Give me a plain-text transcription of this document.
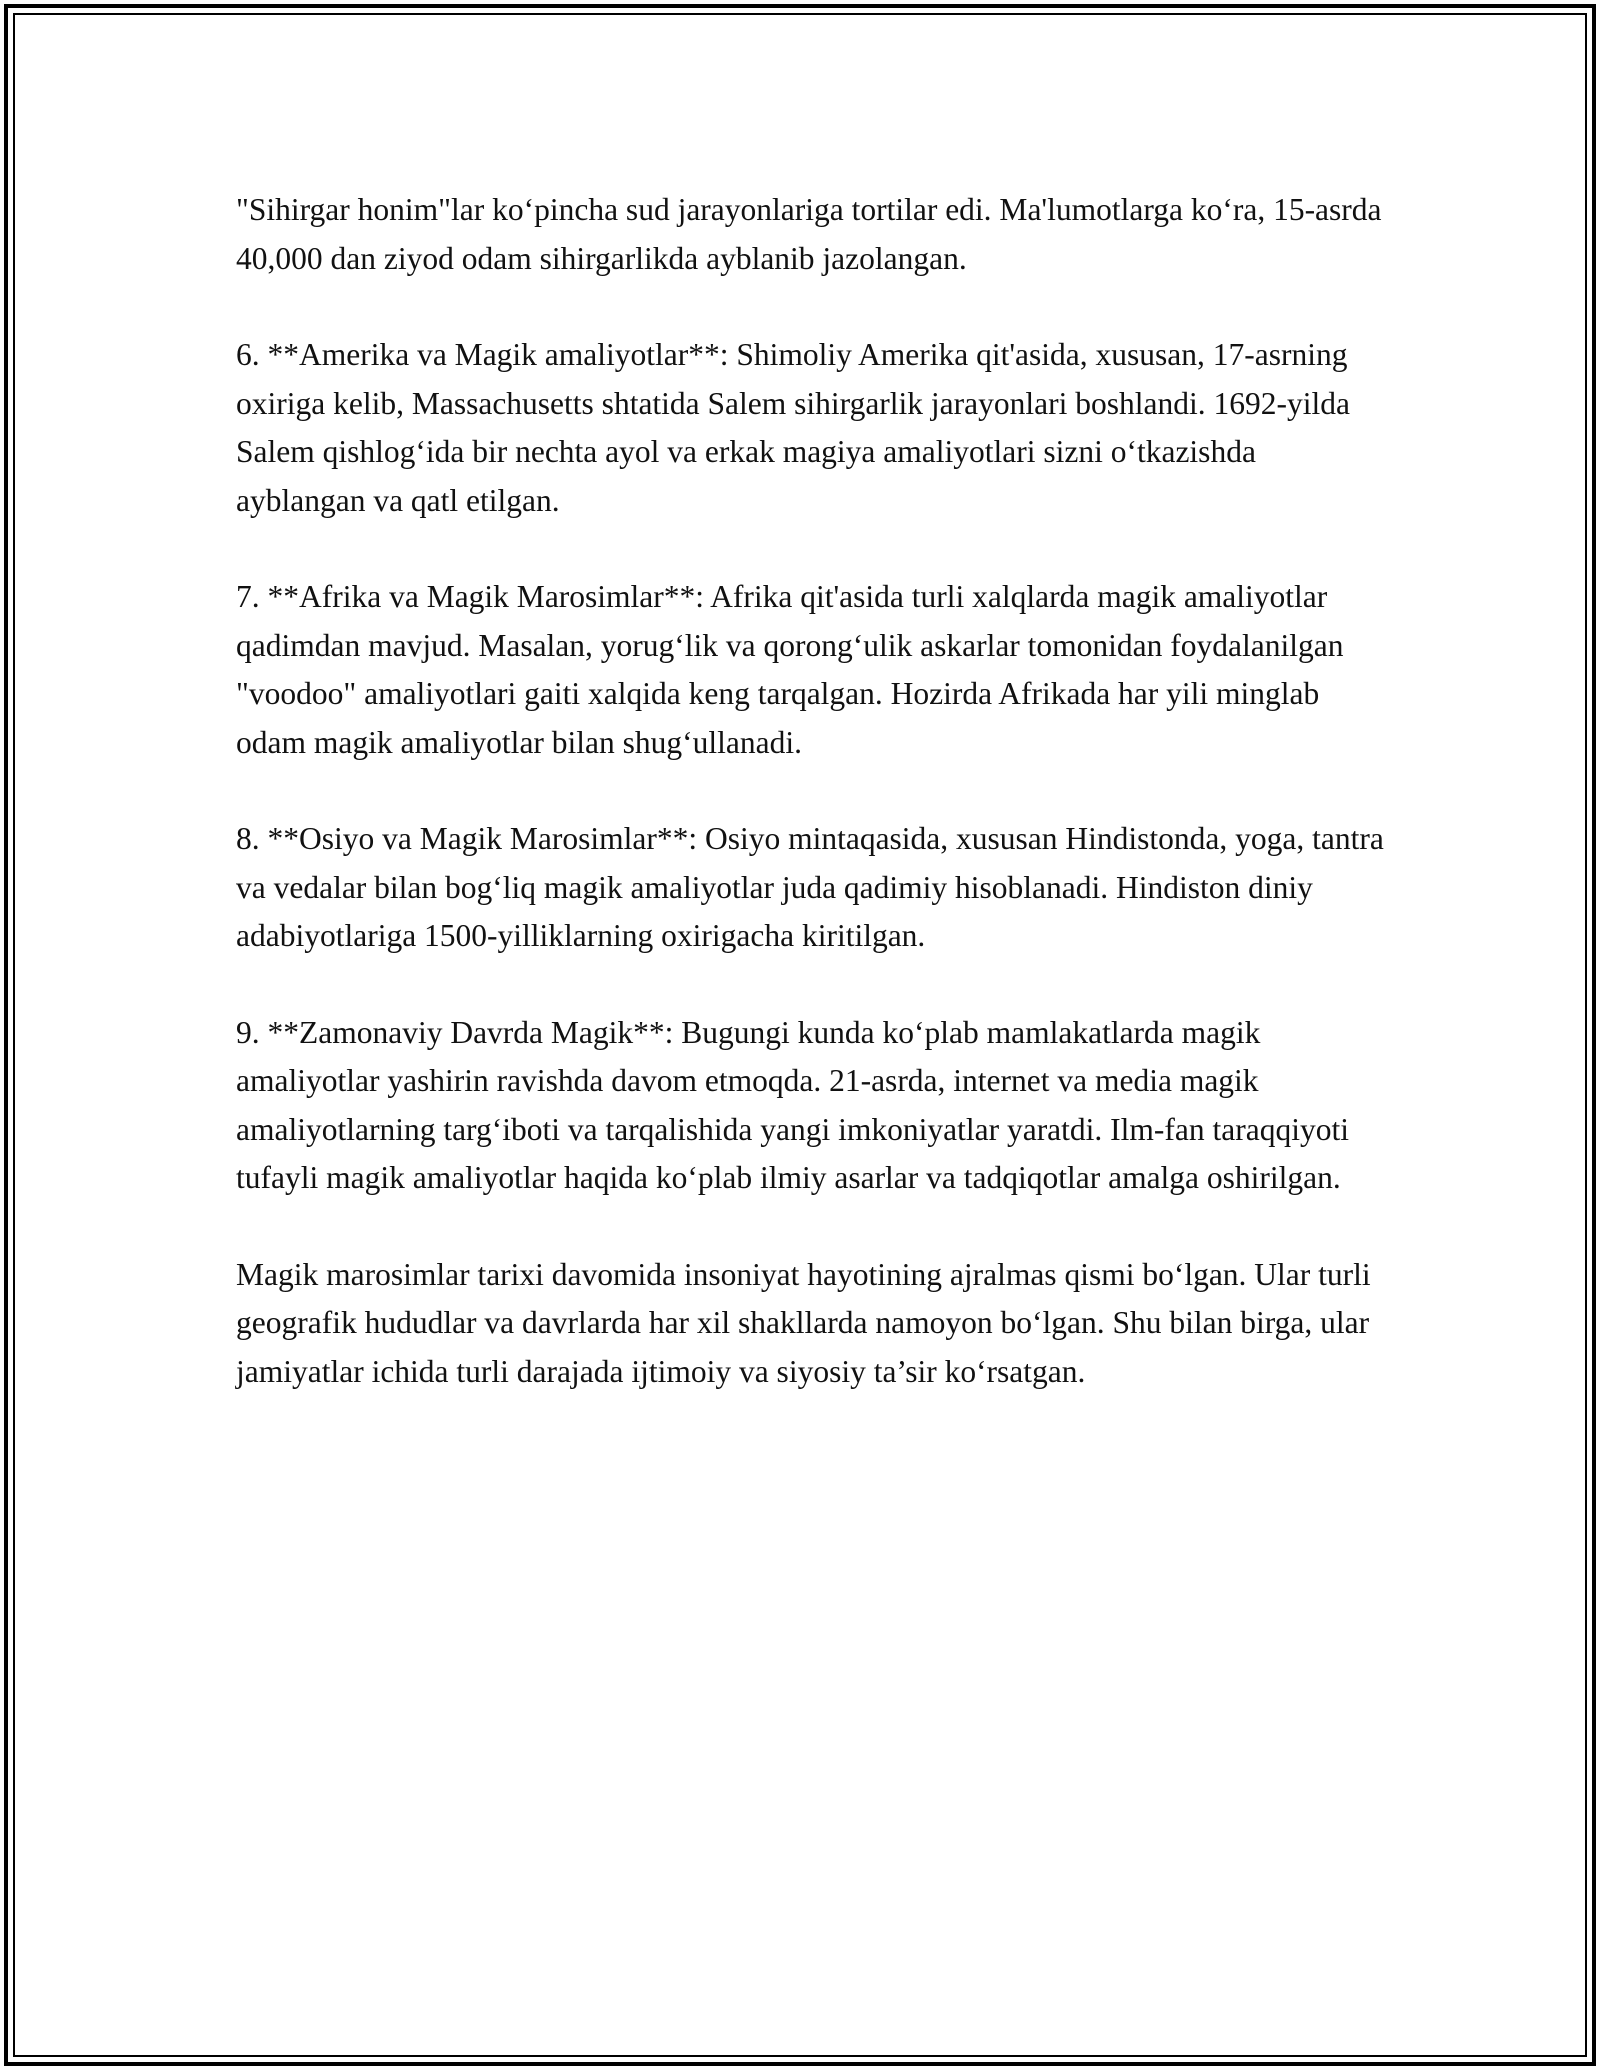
"Sihirgar honim"lar ko‘pincha sud jarayonlariga tortilar edi. Ma'lumotlarga ko‘ra, 15-asrda 40,000 dan ziyod odam sihirgarlikda ayblanib jazolangan.

6. **Amerika va Magik amaliyotlar**: Shimoliy Amerika qit'asida, xususan, 17-asrning oxiriga kelib, Massachusetts shtatida Salem sihirgarlik jarayonlari boshlandi. 1692-yilda Salem qishlog‘ida bir nechta ayol va erkak magiya amaliyotlari sizni o‘tkazishda ayblangan va qatl etilgan.

7. **Afrika va Magik Marosimlar**: Afrika qit'asida turli xalqlarda magik amaliyotlar qadimdan mavjud. Masalan, yorug‘lik va qorong‘ulik askarlar tomonidan foydalanilgan "voodoo" amaliyotlari gaiti xalqida keng tarqalgan. Hozirda Afrikada har yili minglab odam magik amaliyotlar bilan shug‘ullanadi.

8. **Osiyo va Magik Marosimlar**: Osiyo mintaqasida, xususan Hindistonda, yoga, tantra va vedalar bilan bog‘liq magik amaliyotlar juda qadimiy hisoblanadi. Hindiston diniy adabiyotlariga 1500-yilliklarning oxirigacha kiritilgan.

9. **Zamonaviy Davrda Magik**: Bugungi kunda ko‘plab mamlakatlarda magik amaliyotlar yashirin ravishda davom etmoqda. 21-asrda, internet va media magik amaliyotlarning targ‘iboti va tarqalishida yangi imkoniyatlar yaratdi. Ilm-fan taraqqiyoti tufayli magik amaliyotlar haqida ko‘plab ilmiy asarlar va tadqiqotlar amalga oshirilgan.

Magik marosimlar tarixi davomida insoniyat hayotining ajralmas qismi bo‘lgan. Ular turli geografik hududlar va davrlarda har xil shakllarda namoyon bo‘lgan. Shu bilan birga, ular jamiyatlar ichida turli darajada ijtimoiy va siyosiy ta’sir ko‘rsatgan.
